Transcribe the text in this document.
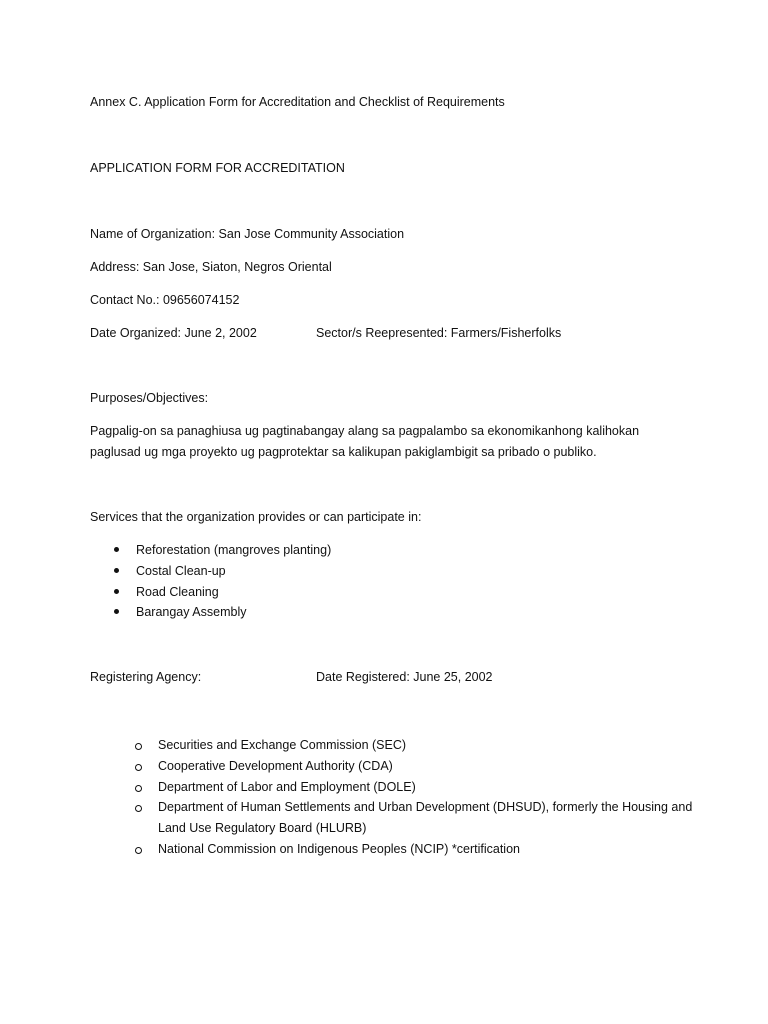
Annex C. Application Form for Accreditation and Checklist of Requirements
APPLICATION FORM FOR ACCREDITATION
Name of Organization: San Jose Community Association
Address: San Jose, Siaton, Negros Oriental
Contact No.: 09656074152
Date Organized: June 2, 2002	Sector/s Reepresented: Farmers/Fisherfolks
Purposes/Objectives:
Pagpalig-on sa panaghiusa ug pagtinabangay alang sa pagpalambo sa ekonomikanhong kalihokan
paglusad ug mga proyekto ug pagprotektar sa kalikupan pakiglambigit sa pribado o publiko.
Services that the organization provides or can participate in:
Reforestation (mangroves planting)
Costal Clean-up
Road Cleaning
Barangay Assembly
Registering Agency:	Date Registered: June 25, 2002
Securities and Exchange Commission (SEC)
Cooperative Development Authority (CDA)
Department of Labor and Employment (DOLE)
Department of Human Settlements and Urban Development (DHSUD), formerly the Housing and Land Use Regulatory Board (HLURB)
National Commission on Indigenous Peoples (NCIP) *certification
